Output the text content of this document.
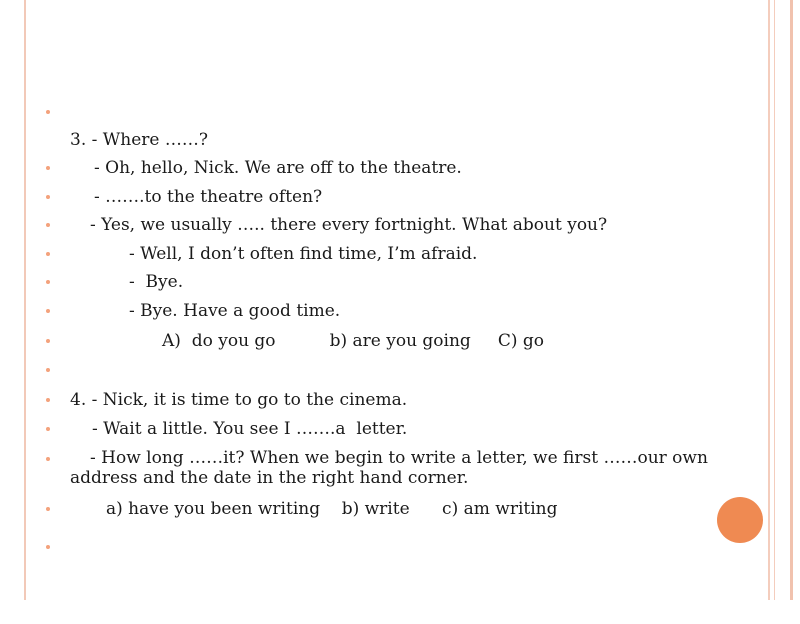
3. - Where ……?

- Oh, hello, Nick. We are off to the theatre.

- …….to the theatre often?

- Yes, we usually ….. there every fortnight. What about you?

- Well, I don’t often find time, I’m afraid.

-  Bye.

- Bye. Have a good time.

A)  do you go          b) are you going     C) go

4. - Nick, it is time to go to the cinema.

- Wait a little. You see I …….a  letter.

- How long ……it? When we begin to write a letter, we first ……our own address and the date in the right hand corner.

a) have you been writing    b) write      c) am writing
